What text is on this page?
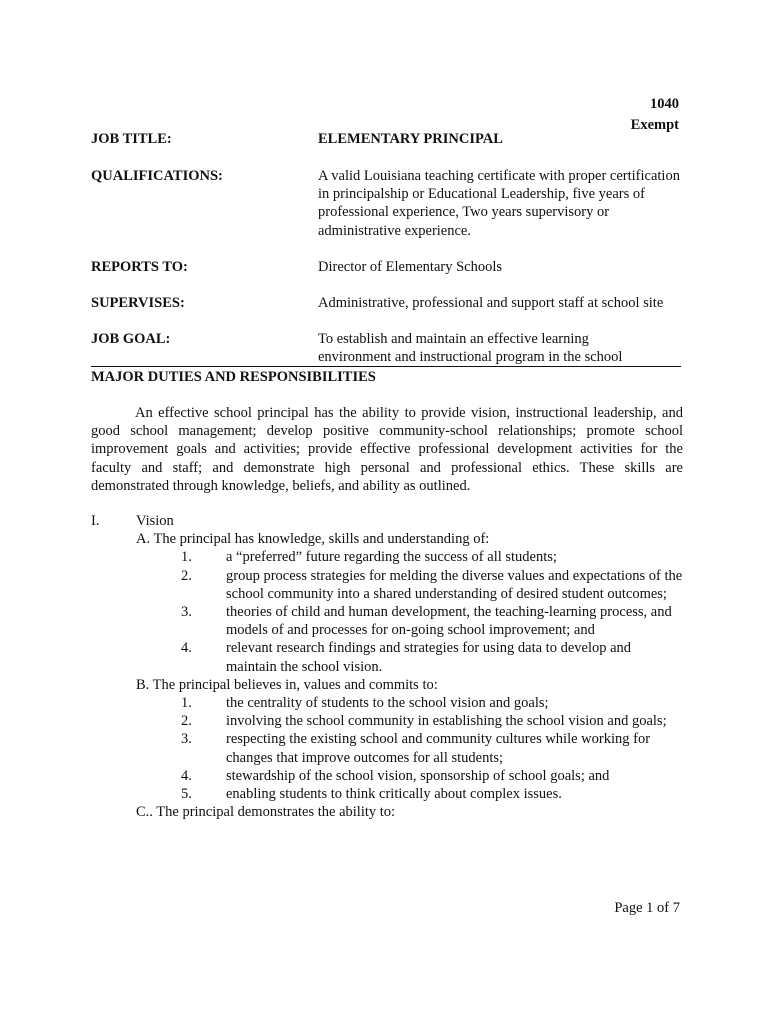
1040
Exempt
JOB TITLE:	ELEMENTARY PRINCIPAL
QUALIFICATIONS:	A valid Louisiana teaching certificate with proper certification in principalship or Educational Leadership, five years of professional experience, Two years supervisory or administrative experience.
REPORTS TO:	Director of Elementary Schools
SUPERVISES:	Administrative, professional and support staff at school site
JOB GOAL:	To establish and maintain an effective learning environment and instructional program in the school
MAJOR DUTIES AND RESPONSIBILITIES
An effective school principal has the ability to provide vision, instructional leadership, and good school management; develop positive community-school relationships; promote school improvement goals and activities; provide effective professional development activities for the faculty and staff; and demonstrate high personal and professional ethics. These skills are demonstrated through knowledge, beliefs, and ability as outlined.
I.	Vision
A. The principal has knowledge, skills and understanding of:
1. a “preferred” future regarding the success of all students;
2. group process strategies for melding the diverse values and expectations of the school community into a shared understanding of desired student outcomes;
3. theories of child and human development, the teaching-learning process, and models of and processes for on-going school improvement; and
4. relevant research findings and strategies for using data to develop and maintain the school vision.
B. The principal believes in, values and commits to:
1. the centrality of students to the school vision and goals;
2. involving the school community in establishing the school vision and goals;
3. respecting the existing school and community cultures while working for changes that improve outcomes for all students;
4. stewardship of the school vision, sponsorship of school goals; and
5. enabling students to think critically about complex issues.
C.. The principal demonstrates the ability to:
Page 1 of 7
